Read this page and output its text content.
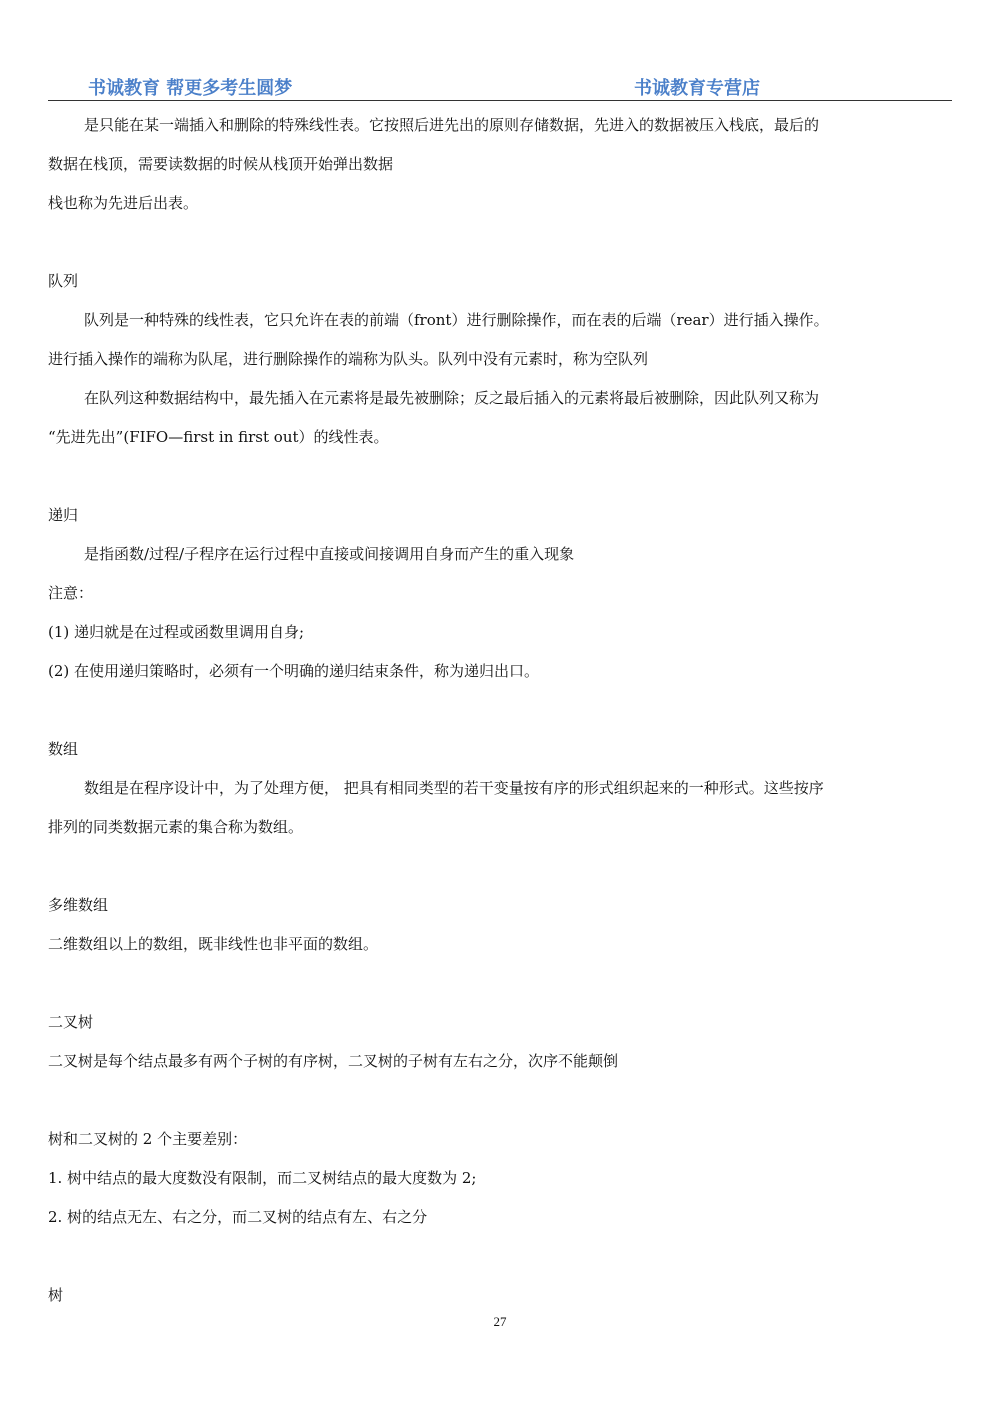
书诚教育 帮更多考生圆梦	书诚教育专营店
是只能在某一端插入和删除的特殊线性表。它按照后进先出的原则存储数据，先进入的数据被压入栈底，最后的
数据在栈顶，需要读数据的时候从栈顶开始弹出数据
栈也称为先进后出表。
队列
队列是一种特殊的线性表，它只允许在表的前端（front）进行删除操作，而在表的后端（rear）进行插入操作。
进行插入操作的端称为队尾，进行删除操作的端称为队头。队列中没有元素时，称为空队列
在队列这种数据结构中，最先插入在元素将是最先被删除；反之最后插入的元素将最后被删除，因此队列又称为
“先进先出”(FIFO—first in first out）的线性表。
递归
是指函数/过程/子程序在运行过程中直接或间接调用自身而产生的重入现象
注意：
(1) 递归就是在过程或函数里调用自身;
(2) 在使用递归策略时，必须有一个明确的递归结束条件，称为递归出口。
数组
数组是在程序设计中，为了处理方便， 把具有相同类型的若干变量按有序的形式组织起来的一种形式。这些按序
排列的同类数据元素的集合称为数组。
多维数组
二维数组以上的数组，既非线性也非平面的数组。
二叉树
二叉树是每个结点最多有两个子树的有序树，二叉树的子树有左右之分，次序不能颠倒
树和二叉树的 2 个主要差别：
1. 树中结点的最大度数没有限制，而二叉树结点的最大度数为 2;
2. 树的结点无左、右之分，而二叉树的结点有左、右之分
树
27
